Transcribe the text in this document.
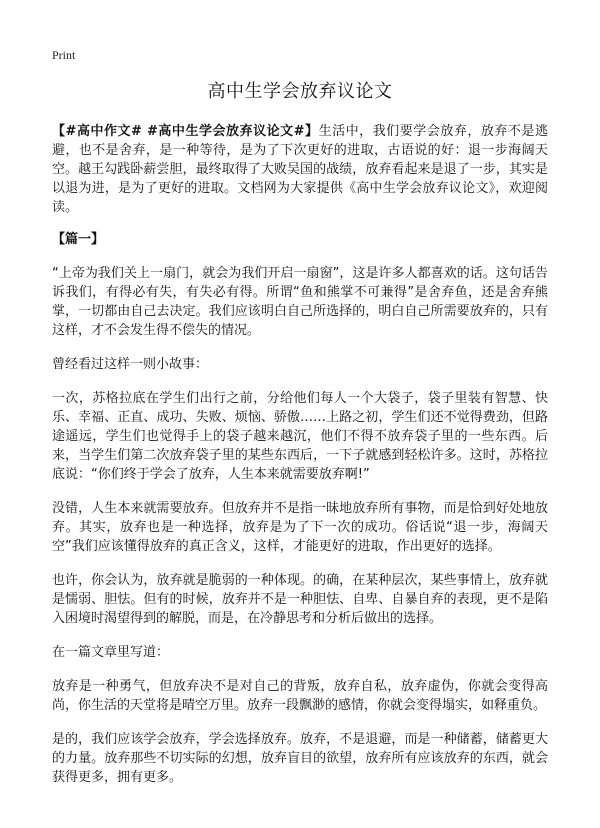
Print
高中生学会放弃议论文

【#高中作文# #高中生学会放弃议论文#】生活中，我们要学会放弃，放弃不是逃避，也不是舍弃，是一种等待，是为了下次更好的进取，古语说的好：退一步海阔天空。越王勾践卧薪尝胆，最终取得了大败吴国的战绩，放弃看起来是退了一步，其实是以退为进，是为了更好的进取。文档网为大家提供《高中生学会放弃议论文》，欢迎阅读。

【篇一】

“上帝为我们关上一扇门，就会为我们开启一扇窗”，这是许多人都喜欢的话。这句话告诉我们，有得必有失，有失必有得。所谓“鱼和熊掌不可兼得”是舍弃鱼，还是舍弃熊掌，一切都由自己去决定。我们应该明白自己所选择的，明白自己所需要放弃的，只有这样，才不会发生得不偿失的情况。

曾经看过这样一则小故事：

一次，苏格拉底在学生们出行之前，分给他们每人一个大袋子，袋子里装有智慧、快乐、幸福、正直、成功、失败、烦恼、骄傲……上路之初，学生们还不觉得费劲，但路途遥远，学生们也觉得手上的袋子越来越沉，他们不得不放弃袋子里的一些东西。后来，当学生们第二次放弃袋子里的某些东西后，一下子就感到轻松许多。这时，苏格拉底说：“你们终于学会了放弃，人生本来就需要放弃啊!”

没错，人生本来就需要放弃。但放弃并不是指一昧地放弃所有事物，而是恰到好处地放弃。其实，放弃也是一种选择，放弃是为了下一次的成功。俗话说“退一步，海阔天空”我们应该懂得放弃的真正含义，这样，才能更好的进取，作出更好的选择。

也许，你会认为，放弃就是脆弱的一种体现。的确，在某种层次，某些事情上，放弃就是懦弱、胆怯。但有的时候，放弃并不是一种胆怯、自卑、自暴自弃的表现，更不是陷入困境时渴望得到的解脱，而是，在冷静思考和分析后做出的选择。

在一篇文章里写道：

放弃是一种勇气，但放弃决不是对自己的背叛，放弃自私，放弃虚伪，你就会变得高尚，你生活的天堂将是晴空万里。放弃一段飘渺的感情，你就会变得塌实，如释重负。

是的，我们应该学会放弃，学会选择放弃。放弃，不是退避，而是一种储蓄，储蓄更大的力量。放弃那些不切实际的幻想，放弃盲目的欲望，放弃所有应该放弃的东西，就会获得更多，拥有更多。
